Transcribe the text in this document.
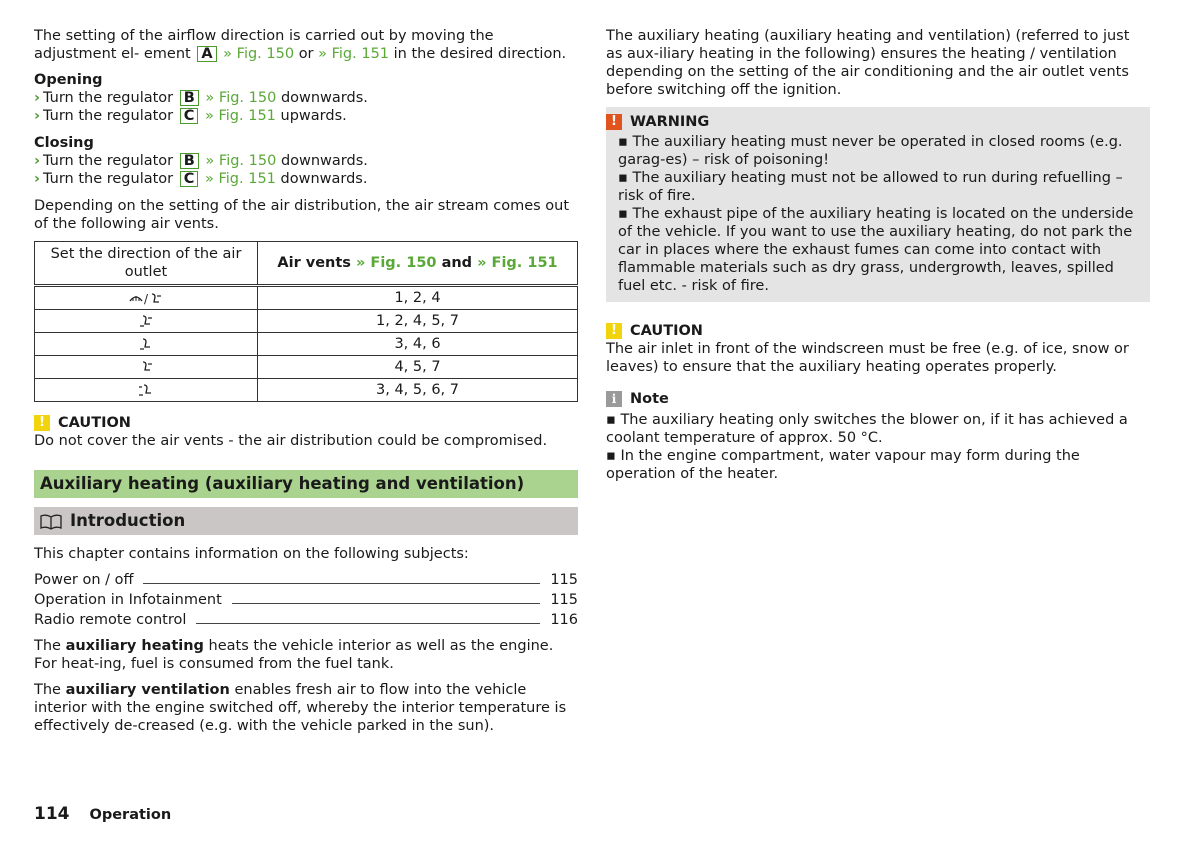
The setting of the airflow direction is carried out by moving the adjustment el- ement A » Fig. 150 or » Fig. 151 in the desired direction.

Opening
› Turn the regulator B » Fig. 150 downwards.
› Turn the regulator C » Fig. 151 upwards.
Closing
› Turn the regulator B » Fig. 150 downwards.
› Turn the regulator C » Fig. 151 downwards.

Depending on the setting of the air distribution, the air stream comes out of the following air vents.

Set the direction of the air outlet	Air vents » Fig. 150 and » Fig. 151

/	1, 2, 4
	1, 2, 4, 5, 7
	3, 4, 6
	4, 5, 7
	3, 4, 5, 6, 7
! CAUTION

Do not cover the air vents - the air distribution could be compromised.

Auxiliary heating (auxiliary heating and ventilation)
Introduction

This chapter contains information on the following subjects:

Power on / off	115
Operation in Infotainment	115
Radio remote control	116

The auxiliary heating heats the vehicle interior as well as the engine. For heat-ing, fuel is consumed from the fuel tank.

The auxiliary ventilation enables fresh air to flow into the vehicle interior with the engine switched off, whereby the interior temperature is effectively de-creased (e.g. with the vehicle parked in the sun).

The auxiliary heating (auxiliary heating and ventilation) (referred to just as aux-iliary heating in the following) ensures the heating / ventilation depending on the setting of the air conditioning and the air outlet vents before switching off the ignition.

! WARNING

▪ The auxiliary heating must never be operated in closed rooms (e.g. garag-es) – risk of poisoning!

▪ The auxiliary heating must not be allowed to run during refuelling – risk of fire.

▪ The exhaust pipe of the auxiliary heating is located on the underside of the vehicle. If you want to use the auxiliary heating, do not park the car in places where the exhaust fumes can come into contact with flammable materials such as dry grass, undergrowth, leaves, spilled fuel etc. - risk of fire.

! CAUTION

The air inlet in front of the windscreen must be free (e.g. of ice, snow or leaves) to ensure that the auxiliary heating operates properly.

i Note

▪ The auxiliary heating only switches the blower on, if it has achieved a coolant temperature of approx. 50 °C.

▪ In the engine compartment, water vapour may form during the operation of the heater.

114 Operation
